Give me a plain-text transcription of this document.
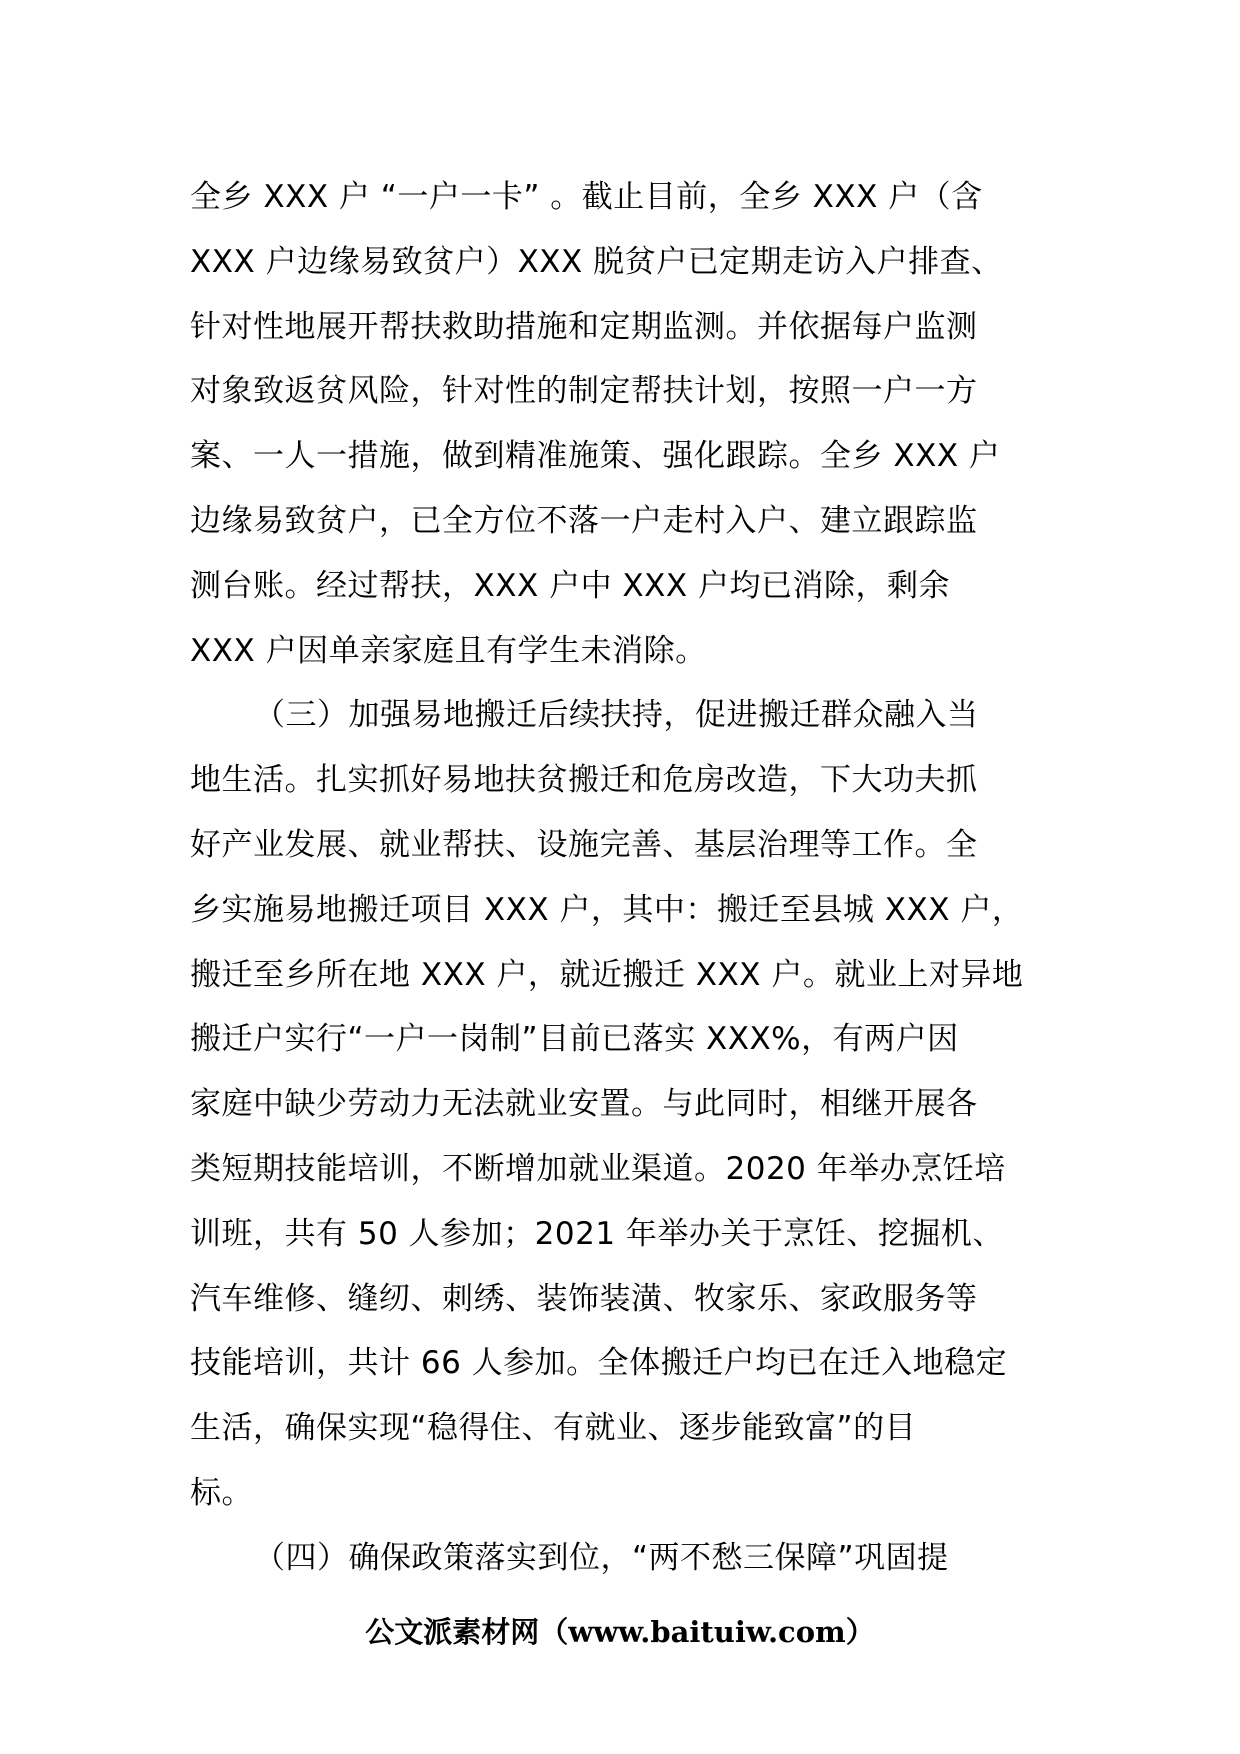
全乡 XXX 户 “一户一卡” 。截止目前，全乡 XXX 户（含
XXX 户边缘易致贫户）XXX 脱贫户已定期走访入户排查、
针对性地展开帮扶救助措施和定期监测。并依据每户监测
对象致返贫风险，针对性的制定帮扶计划，按照一户一方
案、一人一措施，做到精准施策、强化跟踪。全乡 XXX 户
边缘易致贫户，已全方位不落一户走村入户、建立跟踪监
测台账。经过帮扶，XXX 户中 XXX 户均已消除，剩余
XXX 户因单亲家庭且有学生未消除。
（三）加强易地搬迁后续扶持，促进搬迁群众融入当
地生活。扎实抓好易地扶贫搬迁和危房改造，下大功夫抓
好产业发展、就业帮扶、设施完善、基层治理等工作。全
乡实施易地搬迁项目 XXX 户，其中：搬迁至县城 XXX 户，
搬迁至乡所在地 XXX 户，就近搬迁 XXX 户。就业上对异地
搬迁户实行“一户一岗制”目前已落实 XXX%，有两户因
家庭中缺少劳动力无法就业安置。与此同时，相继开展各
类短期技能培训，不断增加就业渠道。2020 年举办烹饪培
训班，共有 50 人参加；2021 年举办关于烹饪、挖掘机、
汽车维修、缝纫、刺绣、装饰装潢、牧家乐、家政服务等
技能培训，共计 66 人参加。全体搬迁户均已在迁入地稳定
生活，确保实现“稳得住、有就业、逐步能致富”的目
标。
（四）确保政策落实到位，“两不愁三保障”巩固提
公文派素材网（www.baituiw.com）
